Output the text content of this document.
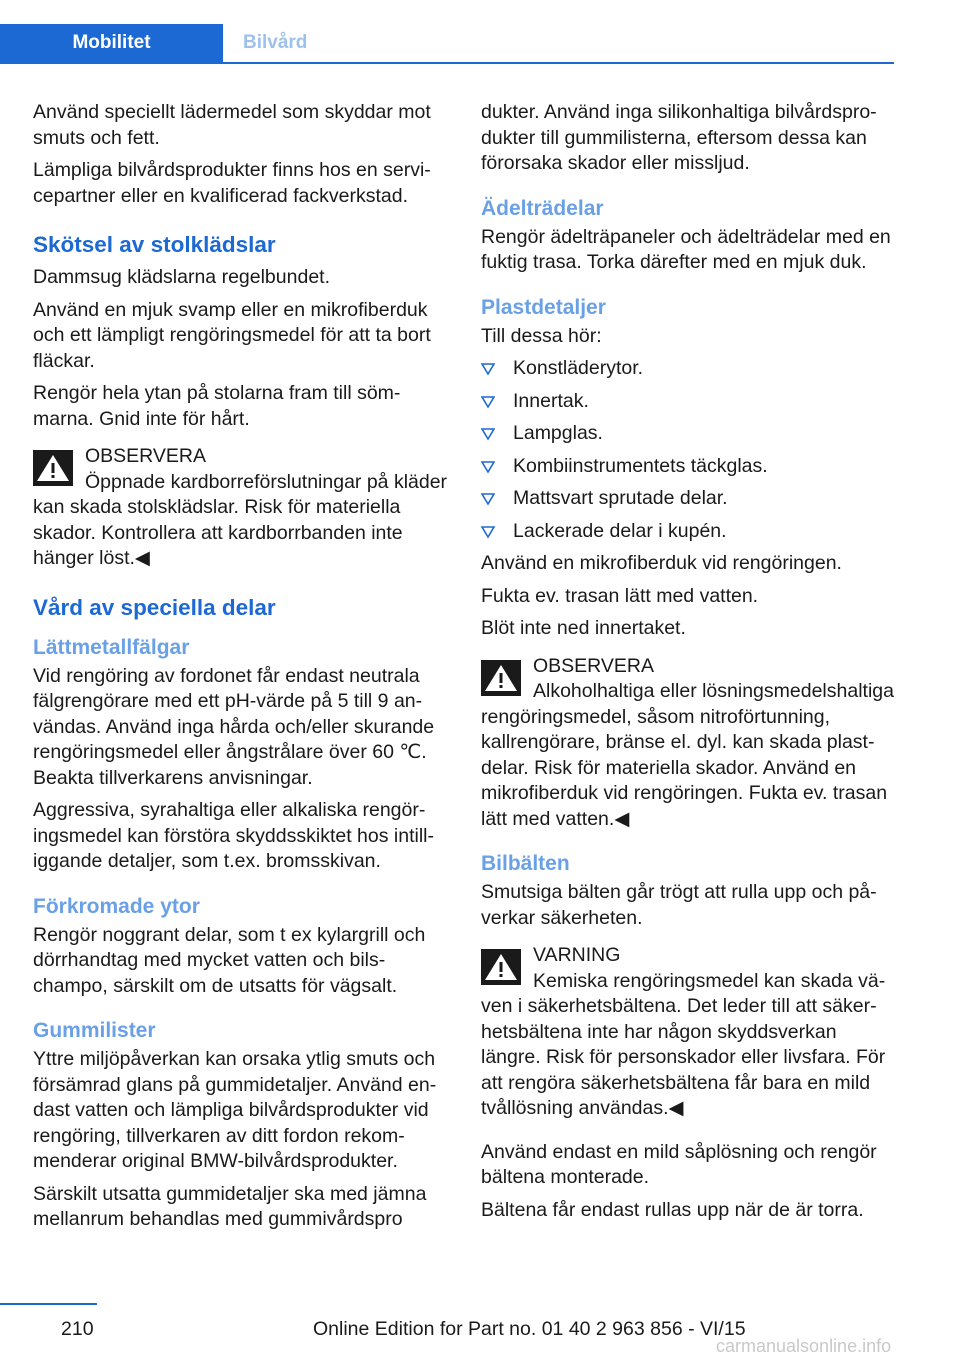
Mobilitet	Bilvård

Använd speciellt lädermedel som skyddar mot smuts och fett.

Lämpliga bilvårdsprodukter finns hos en servicepartner eller en kvalificerad fackverkstad.

Skötsel av stolklädslar

Dammsug klädslarna regelbundet.

Använd en mjuk svamp eller en mikrofiberduk och ett lämpligt rengöringsmedel för att ta bort fläckar.

Rengör hela ytan på stolarna fram till sömmarna. Gnid inte för hårt.

OBSERVERA
Öppnade kardborreförslutningar på kläder kan skada stolsklädslar. Risk för materiella skador. Kontrollera att kardborrbanden inte hänger löst.◀
Vård av speciella delar
Lättmetallfälgar

Vid rengöring av fordonet får endast neutrala fälgrengörare med ett pH-värde på 5 till 9 användas. Använd inga hårda och/eller skurande rengöringsmedel eller ångstrålare över 60 ℃. Beakta tillverkarens anvisningar.

Aggressiva, syrahaltiga eller alkaliska rengöringsmedel kan förstöra skyddsskiktet hos intilliggande detaljer, som t.ex. bromsskivan.

Förkromade ytor

Rengör noggrant delar, som t ex kylargrill och dörrhandtag med mycket vatten och bilschampo, särskilt om de utsatts för vägsalt.

Gummilister

Yttre miljöpåverkan kan orsaka ytlig smuts och försämrad glans på gummidetaljer. Använd endast vatten och lämpliga bilvårdsprodukter vid rengöring, tillverkaren av ditt fordon rekommenderar original BMW-bilvårdsprodukter.

Särskilt utsatta gummidetaljer ska med jämna mellanrum behandlas med gummivårdspro

dukter. Använd inga silikonhaltiga bilvårdsprodukter till gummilisterna, eftersom dessa kan förorsaka skador eller missljud.

Ädelträdelar

Rengör ädelträpaneler och ädelträdelar med en fuktig trasa. Torka därefter med en mjuk duk.

Plastdetaljer

Till dessa hör:

Konstläderytor.
Innertak.
Lampglas.
Kombiinstrumentets täckglas.
Mattsvart sprutade delar.
Lackerade delar i kupén.

Använd en mikrofiberduk vid rengöringen.

Fukta ev. trasan lätt med vatten.

Blöt inte ned innertaket.

OBSERVERA
Alkoholhaltiga eller lösningsmedelshaltiga rengöringsmedel, såsom nitroförtunning, kallrengörare, bränse el. dyl. kan skada plastdelar. Risk för materiella skador. Använd en mikrofiberduk vid rengöringen. Fukta ev. trasan lätt med vatten.◀
Bilbälten

Smutsiga bälten går trögt att rulla upp och påverkar säkerheten.

VARNING
Kemiska rengöringsmedel kan skada väven i säkerhetsbältena. Det leder till att säkerhetsbältena inte har någon skyddsverkan längre. Risk för personskador eller livsfara. För att rengöra säkerhetsbältena får bara en mild tvållösning användas.◀

Använd endast en mild såplösning och rengör bältena monterade.

Bältena får endast rullas upp när de är torra.

210	Online Edition for Part no. 01 40 2 963 856 - VI/15
carmanualsonline.info
